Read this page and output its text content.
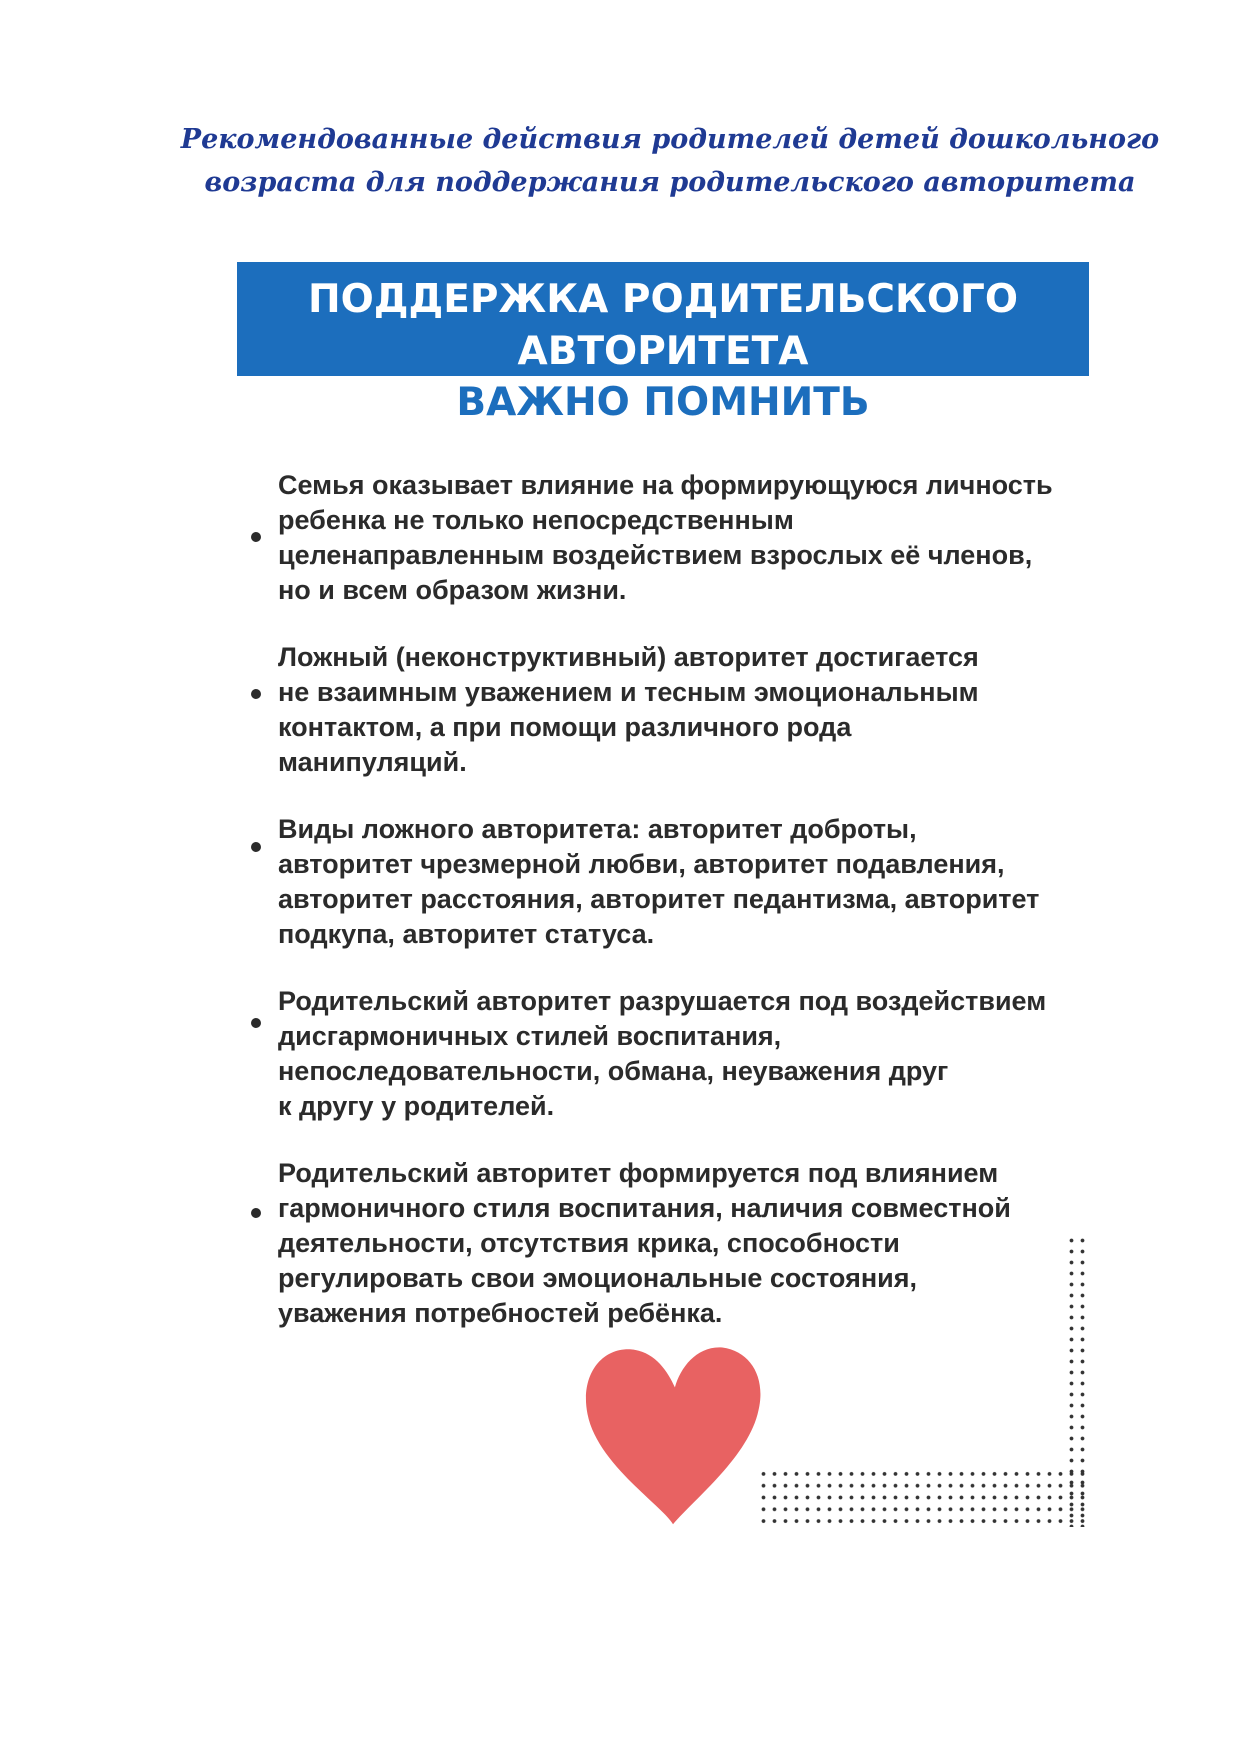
Рекомендованные действия родителей детей дошкольного
возраста для поддержания родительского авторитета
ПОДДЕРЖКА РОДИТЕЛЬСКОГО
АВТОРИТЕТА
ВАЖНО ПОМНИТЬ
Семья оказывает влияние на формирующуюся личность
ребенка не только непосредственным
целенаправленным воздействием взрослых её членов,
но и всем образом жизни.
Ложный (неконструктивный) авторитет достигается
не взаимным уважением и тесным эмоциональным
контактом, а при помощи различного рода
манипуляций.
Виды ложного авторитета: авторитет доброты,
авторитет чрезмерной любви, авторитет подавления,
авторитет расстояния, авторитет педантизма, авторитет
подкупа, авторитет статуса.
Родительский авторитет разрушается под воздействием
дисгармоничных стилей воспитания,
непоследовательности, обмана, неуважения друг
к другу у родителей.
Родительский авторитет формируется под влиянием
гармоничного стиля воспитания, наличия совместной
деятельности, отсутствия крика, способности
регулировать свои эмоциональные состояния,
уважения потребностей ребёнка.
